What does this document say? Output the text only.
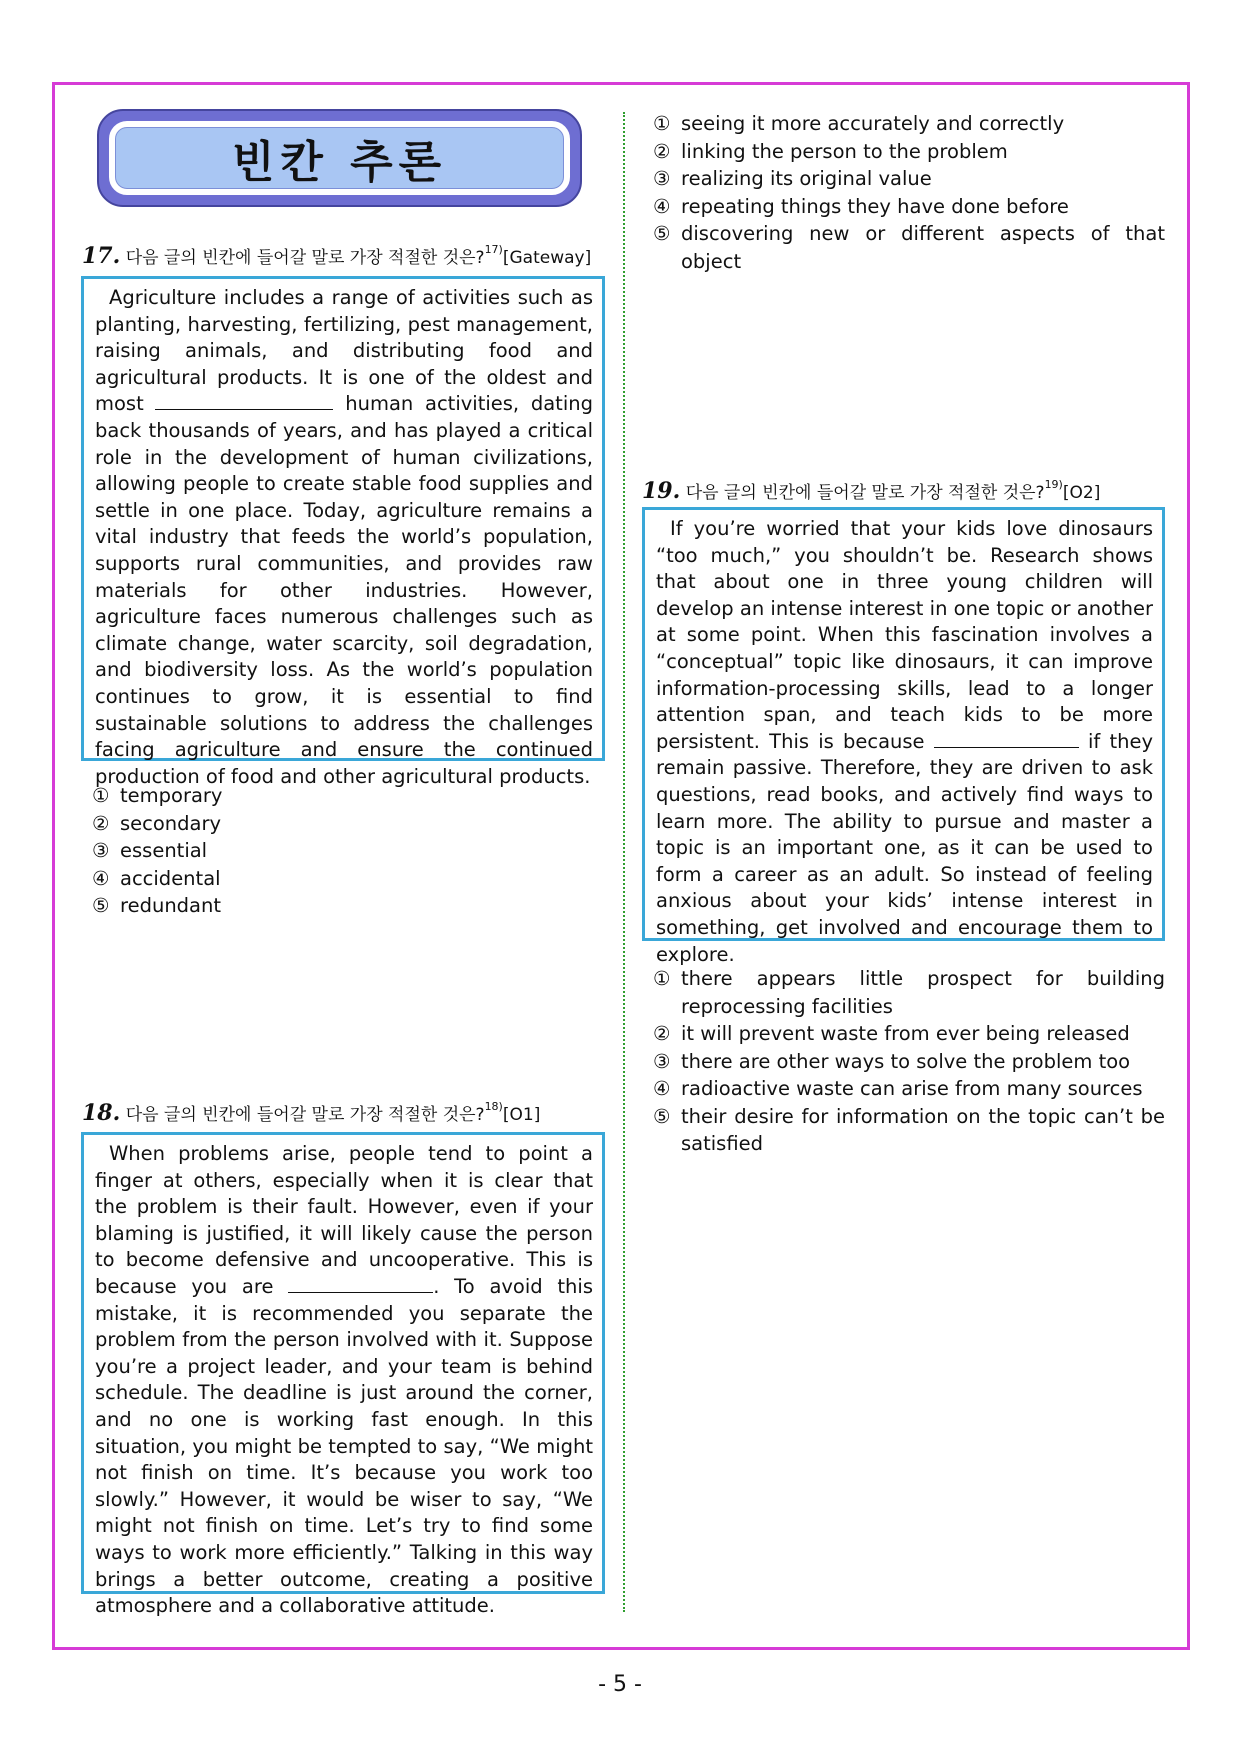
빈칸 추론
17. 다음 글의 빈칸에 들어갈 말로 가장 적절한 것은?$^{17)}$[Gateway]

Agriculture includes a range of activities such as planting, harvesting, fertilizing, pest management, raising animals, and distributing food and agricultural products. It is one of the oldest and most	human activities, dating back thousands of years, and has played a critical role in the development of human civilizations, allowing people to create stable food supplies and settle in one place. Today, agriculture remains a vital industry that feeds the world’s population, supports rural communities, and provides raw materials for other industries. However, agriculture faces numerous challenges such as climate change, water scarcity, soil degradation, and biodiversity loss. As the world’s population continues to grow, it is essential to find sustainable solutions to address the challenges facing agriculture and ensure the continued production of food and other agricultural products.

① temporary
② secondary
③ essential
④ accidental
⑤ redundant
18. 다음 글의 빈칸에 들어갈 말로 가장 적절한 것은?$^{18)}$[O1]

When problems arise, people tend to point a finger at others, especially when it is clear that the problem is their fault. However, even if your blaming is justified, it will likely cause the person to become defensive and uncooperative. This is because you are	. To avoid this mistake, it is recommended you separate the problem from the person involved with it. Suppose you’re a project leader, and your team is behind schedule. The deadline is just around the corner, and no one is working fast enough. In this situation, you might be tempted to say, “We might not finish on time. It’s because you work too slowly.” However, it would be wiser to say, “We might not finish on time. Let’s try to find some ways to work more efficiently.” Talking in this way brings a better outcome, creating a positive atmosphere and a collaborative attitude.

① seeing it more accurately and correctly
② linking the person to the problem
③ realizing its original value
④ repeating things they have done before
⑤ discovering new or different aspects of that object
19. 다음 글의 빈칸에 들어갈 말로 가장 적절한 것은?$^{19)}$[O2]

If you’re worried that your kids love dinosaurs “too much,” you shouldn’t be. Research shows that about one in three young children will develop an intense interest in one topic or another at some point. When this fascination involves a “conceptual” topic like dinosaurs, it can improve information-processing skills, lead to a longer attention span, and teach kids to be more persistent. This is because	if they remain passive. Therefore, they are driven to ask questions, read books, and actively find ways to learn more. The ability to pursue and master a topic is an important one, as it can be used to form a career as an adult. So instead of feeling anxious about your kids’ intense interest in something, get involved and encourage them to explore.

① there appears little prospect for building reprocessing facilities
② it will prevent waste from ever being released
③ there are other ways to solve the problem too
④ radioactive waste can arise from many sources
⑤ their desire for information on the topic can’t be satisfied
- 5 -
